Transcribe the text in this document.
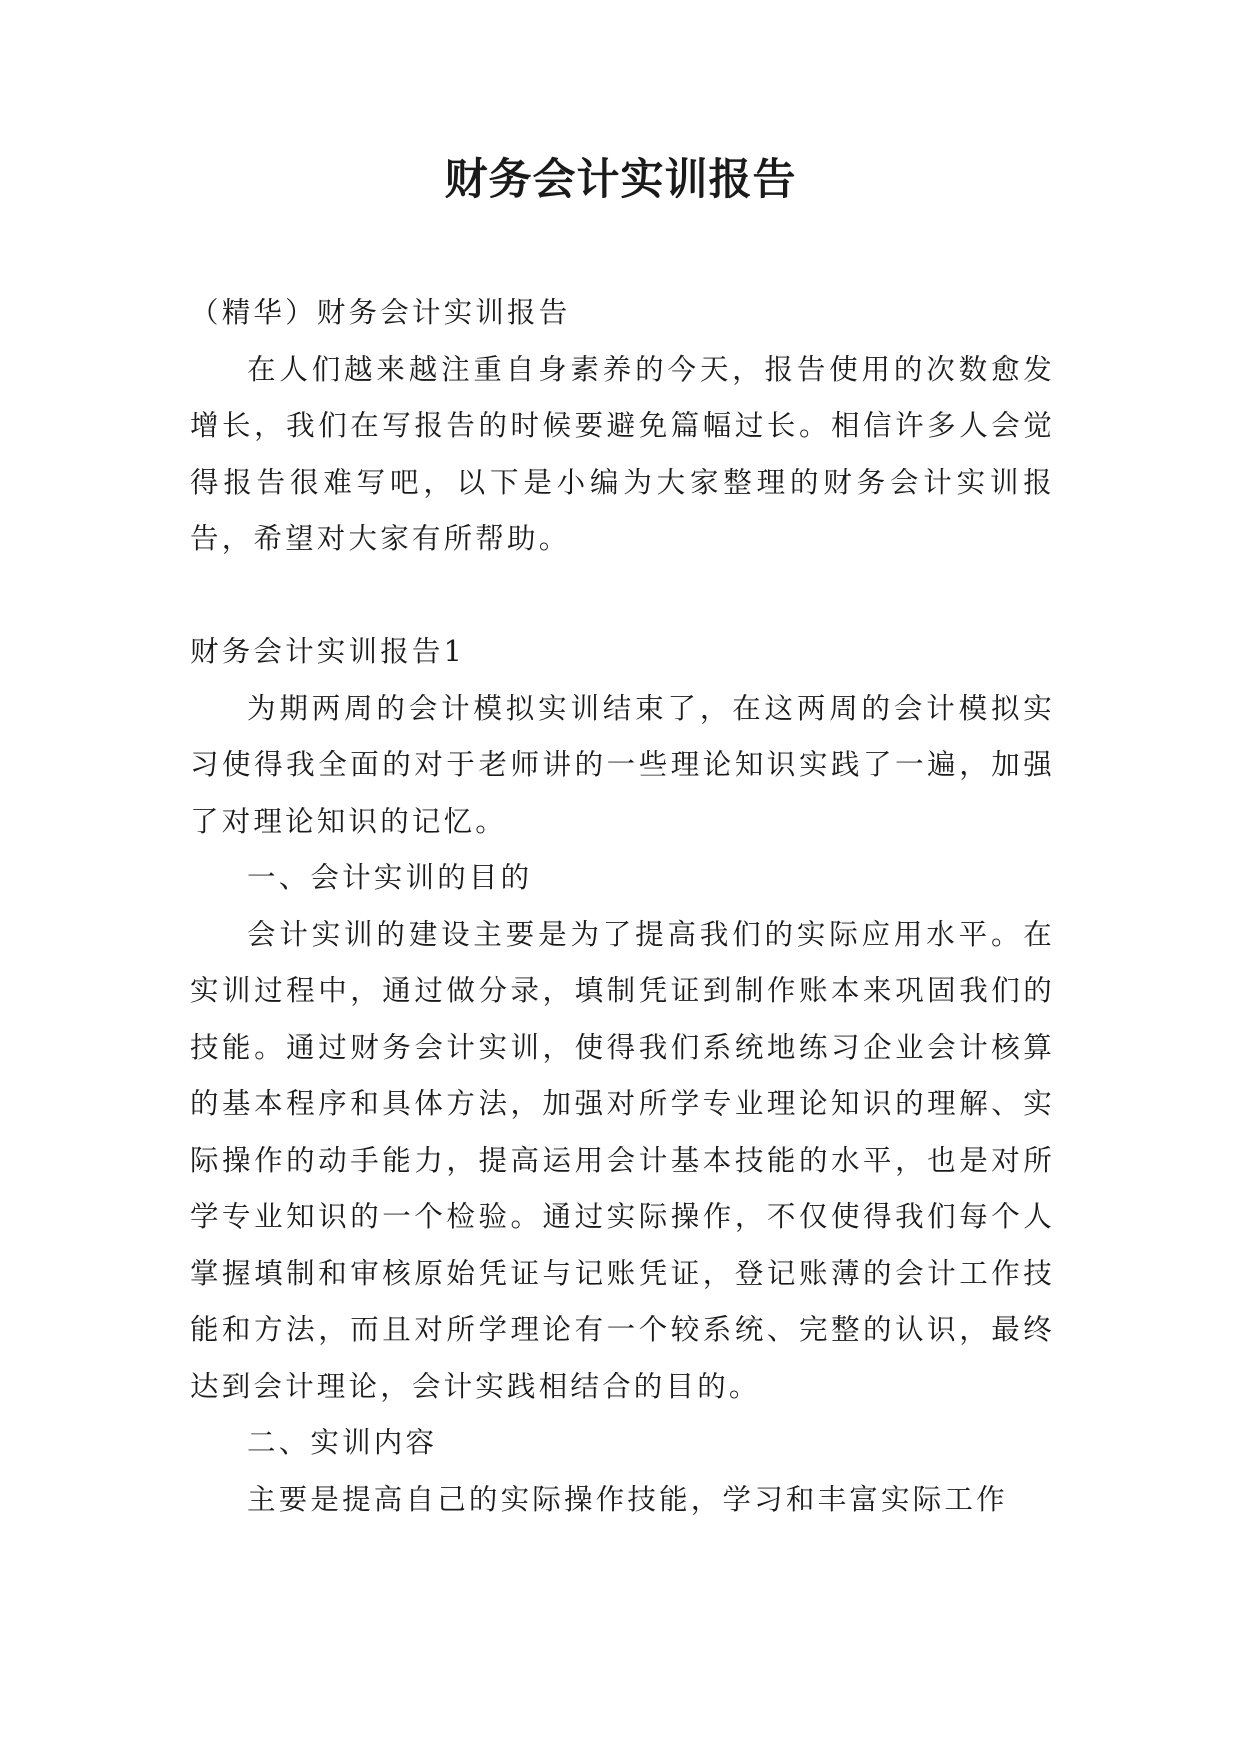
财务会计实训报告

（精华）财务会计实训报告

在人们越来越注重自身素养的今天，报告使用的次数愈发增长，我们在写报告的时候要避免篇幅过长。相信许多人会觉得报告很难写吧，以下是小编为大家整理的财务会计实训报告，希望对大家有所帮助。

财务会计实训报告1

为期两周的会计模拟实训结束了，在这两周的会计模拟实习使得我全面的对于老师讲的一些理论知识实践了一遍，加强了对理论知识的记忆。

一、会计实训的目的

会计实训的建设主要是为了提高我们的实际应用水平。在实训过程中，通过做分录，填制凭证到制作账本来巩固我们的技能。通过财务会计实训，使得我们系统地练习企业会计核算的基本程序和具体方法，加强对所学专业理论知识的理解、实际操作的动手能力，提高运用会计基本技能的水平，也是对所学专业知识的一个检验。通过实际操作，不仅使得我们每个人掌握填制和审核原始凭证与记账凭证，登记账薄的会计工作技能和方法，而且对所学理论有一个较系统、完整的认识，最终达到会计理论，会计实践相结合的目的。

二、实训内容

主要是提高自己的实际操作技能，学习和丰富实际工作
